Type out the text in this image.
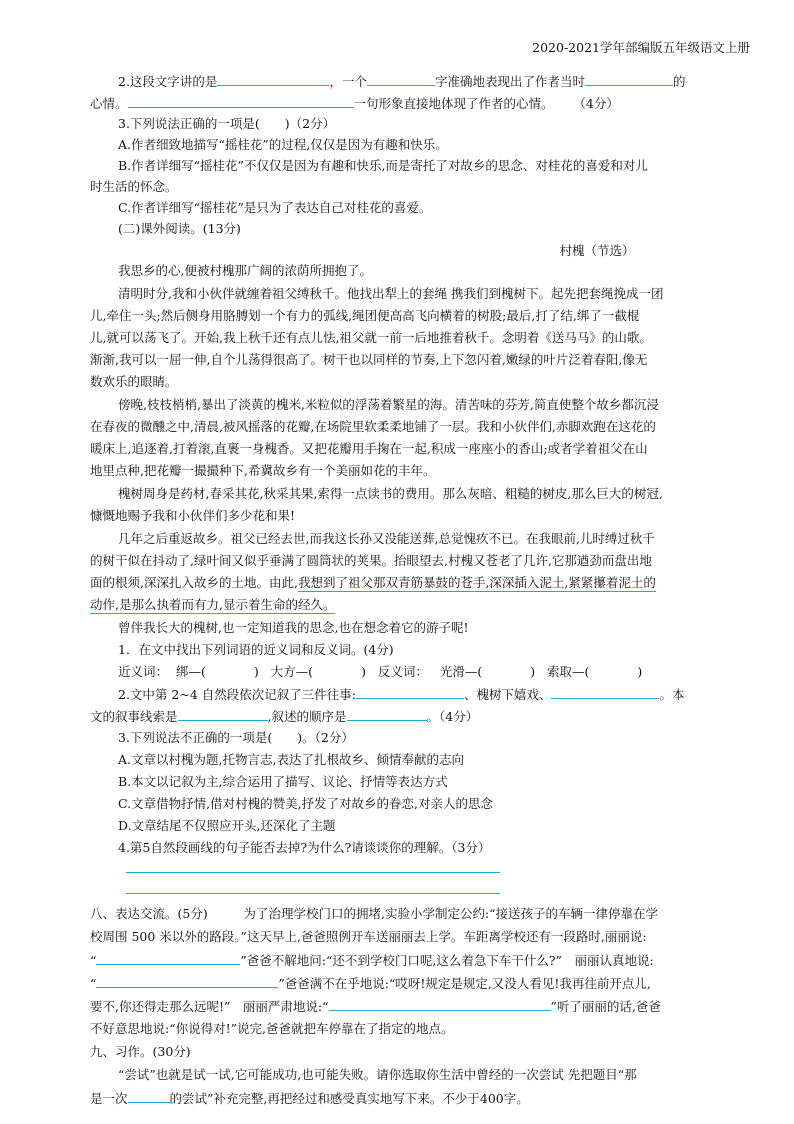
2020-2021学年部编版五年级语文上册
2.这段文字讲的是	，一个	字准确地表现出了作者当时	的
心情。	一句形象直接地体现了作者的心情。 （4分）
3.下列说法正确的一项是(　　)（2分）
A.作者细致地描写“摇桂花”的过程,仅仅是因为有趣和快乐。
B.作者详细写“摇桂花”不仅仅是因为有趣和快乐,而是寄托了对故乡的思念、对桂花的喜爱和对儿
时生活的怀念。
C.作者详细写“摇桂花”是只为了表达自己对桂花的喜爱。
(二)课外阅读。(13分)
村槐（节选）
我思乡的心,便被村槐那广阔的浓荫所拥抱了。
清明时分,我和小伙伴就缠着祖父缚秋千。他找出犁上的套绳 携我们到槐树下。起先把套绳挽成一团
儿,牵住一头;然后侧身用胳膊划一个有力的弧线,绳团便高高飞向横着的树股;最后,打了结,绑了一截棍
儿,就可以荡飞了。开始,我上秋千还有点儿怯,祖父就一前一后地推着秋千。念明着《送马马》的山歌。
渐渐,我可以一屈一伸,自个儿荡得很高了。树干也以同样的节奏,上下忽闪着,嫩绿的叶片泛着春阳,像无
数欢乐的眼睛。
傍晚,枝枝梢梢,暴出了淡黄的槐米,米粒似的浮荡着繁星的海。清苦味的芬芳,简直使整个故乡都沉浸
在春夜的微醺之中,清晨,被风摇落的花瓣,在场院里软柔柔地铺了一层。我和小伙伴们,赤脚欢跑在这花的
暖床上,追逐着,打着滚,直裹一身槐香。又把花瓣用手掬在一起,积成一座座小的香山;或者学着祖父在山
地里点种,把花瓣一撮撮种下,希冀故乡有一个美丽如花的丰年。
槐树周身是药材,春采其花,秋采其果,索得一点读书的费用。那么灰暗、粗糙的树皮,那么巨大的树冠,
慷慨地赐予我和小伙伴们多少花和果!
几年之后重返故乡。祖父已经去世,而我这长孙又没能送葬,总觉愧疚不已。在我眼前,儿时缚过秋千
的树干似在抖动了,绿叶间又似乎垂满了圆筒状的荚果。抬眼望去,村槐又苍老了几许,它那遒劲而盘出地
面的根须,深深扎入故乡的土地。由此,我想到了祖父那双青筋暴鼓的苍手,深深插入泥土,紧紧攥着泥土的
动作,是那么执着而有力,显示着生命的经久。
曾伴我长大的槐树,也一定知道我的思念,也在想念着它的游子呢!
1．在文中找出下列词语的近义词和反义词。(4分)
近义词： 绑—(	) 大方—(	) 反义词： 光滑—(	) 索取—(	)
2.文中第 2~4 自然段依次记叙了三件往事:	、槐树下嬉戏、	。本
文的叙事线索是	,叙述的顺序是	。（4分）
3.下列说法不正确的一项是(　　)。（2分）
A.文章以村槐为题,托物言志,表达了扎根故乡、倾情奉献的志向
B.本文以记叙为主,综合运用了描写、议论、抒情等表达方式
C.文章借物抒情,借对村槐的赞美,抒发了对故乡的眷恋,对亲人的思念
D.文章结尾不仅照应开头,还深化了主题
4.第5自然段画线的句子能否去掉?为什么?请谈谈你的理解。（3分）
八、表达交流。(5分)	为了治理学校门口的拥堵,实验小学制定公约:“接送孩子的车辆一律停靠在学
校周围 500 米以外的路段。”这天早上,爸爸照例开车送丽丽去上学。车距离学校还有一段路时,丽丽说:
“	”爸爸不解地问:“还不到学校门口呢,这么着急下车干什么?”　丽丽认真地说:
“	”爸爸满不在乎地说:“哎呀!规定是规定,又没人看见!我再往前开点儿,
要不,你还得走那么远呢!”　丽丽严肃地说:“	”听了丽丽的话,爸爸
不好意思地说:“你说得对!”说完,爸爸就把车停靠在了指定的地点。
九、习作。(30分)
“尝试”也就是试一试,它可能成功,也可能失败。请你选取你生活中曾经的一次尝试 先把题目“那
是一次	的尝试”补充完整,再把经过和感受真实地写下来。不少于400字。
